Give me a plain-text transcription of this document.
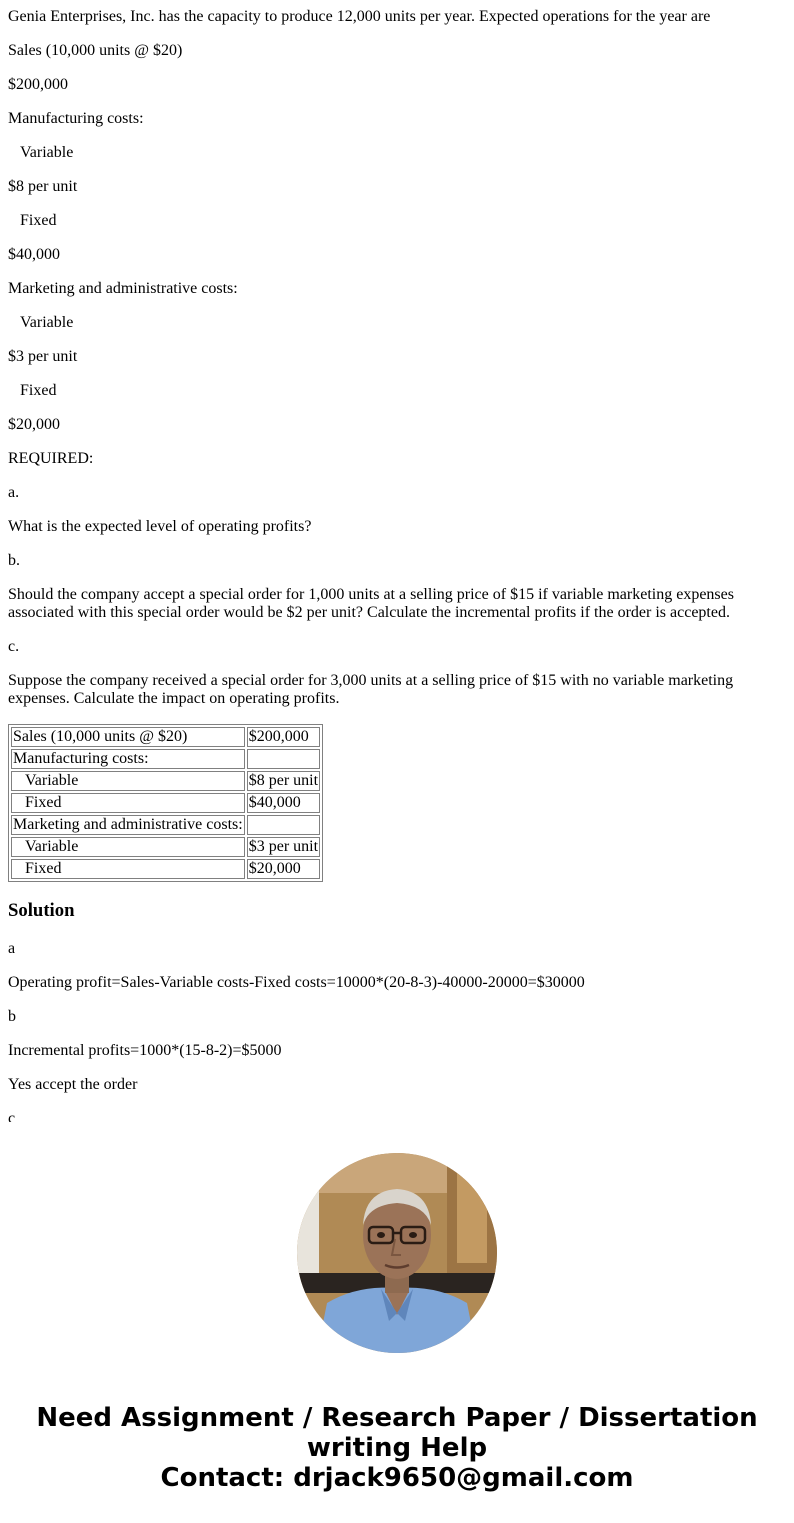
Genia Enterprises, Inc. has the capacity to produce 12,000 units per year. Expected operations for the year are

Sales (10,000 units @ $20)

$200,000

Manufacturing costs:

Variable

$8 per unit

Fixed

$40,000

Marketing and administrative costs:

Variable

$3 per unit

Fixed

$20,000

REQUIRED:

a.

What is the expected level of operating profits?

b.

Should the company accept a special order for 1,000 units at a selling price of $15 if variable marketing expenses associated with this special order would be $2 per unit? Calculate the incremental profits if the order is accepted.

c.

Suppose the company received a special order for 3,000 units at a selling price of $15 with no variable marketing expenses. Calculate the impact on operating profits.

Sales (10,000 units @ $20)	$200,000
Manufacturing costs:	
Variable	$8 per unit
Fixed	$40,000
Marketing and administrative costs:	
Variable	$3 per unit
Fixed	$20,000
Solution

a

Operating profit=Sales-Variable costs-Fixed costs=10000*(20-8-3)-40000-20000=$30000

b

Incremental profits=1000*(15-8-2)=$5000

Yes accept the order

c

Need Assignment / Research Paper / Dissertation
writing Help
Contact: drjack9650@gmail.com
